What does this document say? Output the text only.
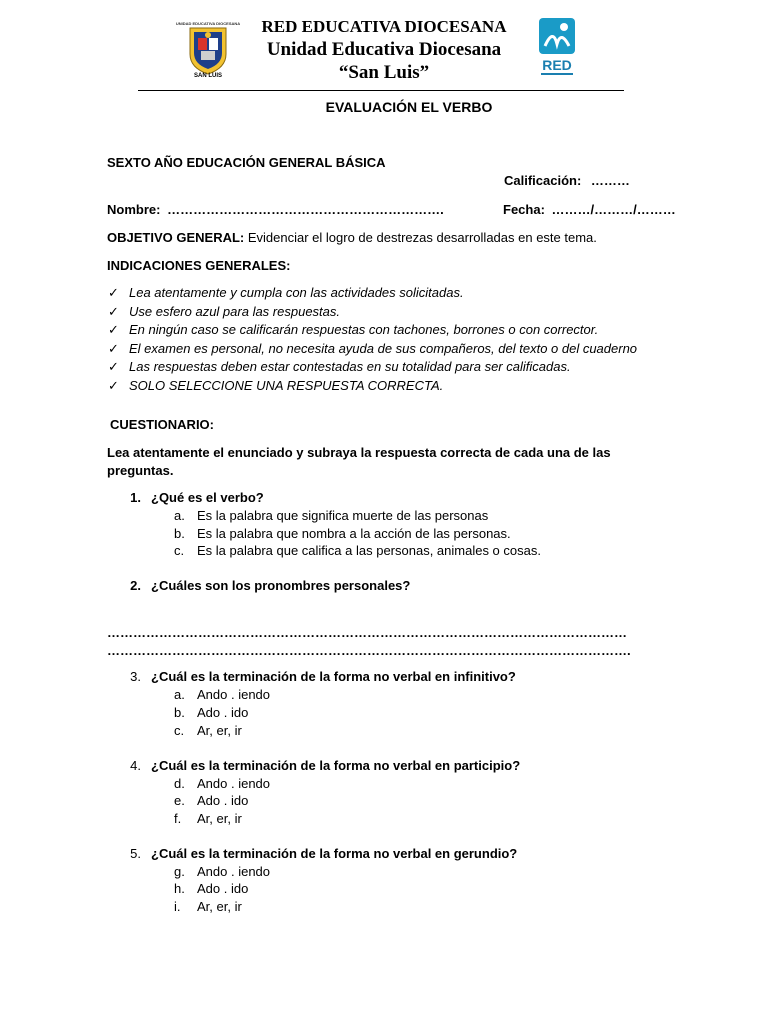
UNIDAD EDUCATIVA DIOCESANA
SAN LUIS
RED EDUCATIVA DIOCESANA
Unidad Educativa Diocesana
“San Luis”	RED
EVALUACIÓN EL VERBO
SEXTO AÑO EDUCACIÓN GENERAL BÁSICA
Calificación: ………
Nombre: ……………………………………………………….	Fecha: ………/………/………
OBJETIVO GENERAL: Evidenciar el logro de destrezas desarrolladas en este tema.
INDICACIONES GENERALES:
✓ Lea atentamente y cumpla con las actividades solicitadas.
✓ Use esfero azul para las respuestas.
✓ En ningún caso se calificarán respuestas con tachones, borrones o con corrector.
✓ El examen es personal, no necesita ayuda de sus compañeros, del texto o del cuaderno
✓ Las respuestas deben estar contestadas en su totalidad para ser calificadas.
✓ SOLO SELECCIONE UNA RESPUESTA CORRECTA.
CUESTIONARIO:
Lea atentamente el enunciado y subraya la respuesta correcta de cada una de las
preguntas.
1. ¿Qué es el verbo?
a. Es la palabra que significa muerte de las personas
b. Es la palabra que nombra a la acción de las personas.
c. Es la palabra que califica a las personas, animales o cosas.
2. ¿Cuáles son los pronombres personales?
…………………………………………………………………………………………………………
………………………………………………………………………………………………………….
3. ¿Cuál es la terminación de la forma no verbal en infinitivo?
a. Ando . iendo
b. Ado . ido
c. Ar, er, ir
4. ¿Cuál es la terminación de la forma no verbal en participio?
d. Ando . iendo
e. Ado . ido
f. Ar, er, ir
5. ¿Cuál es la terminación de la forma no verbal en gerundio?
g. Ando . iendo
h. Ado . ido
i. Ar, er, ir
